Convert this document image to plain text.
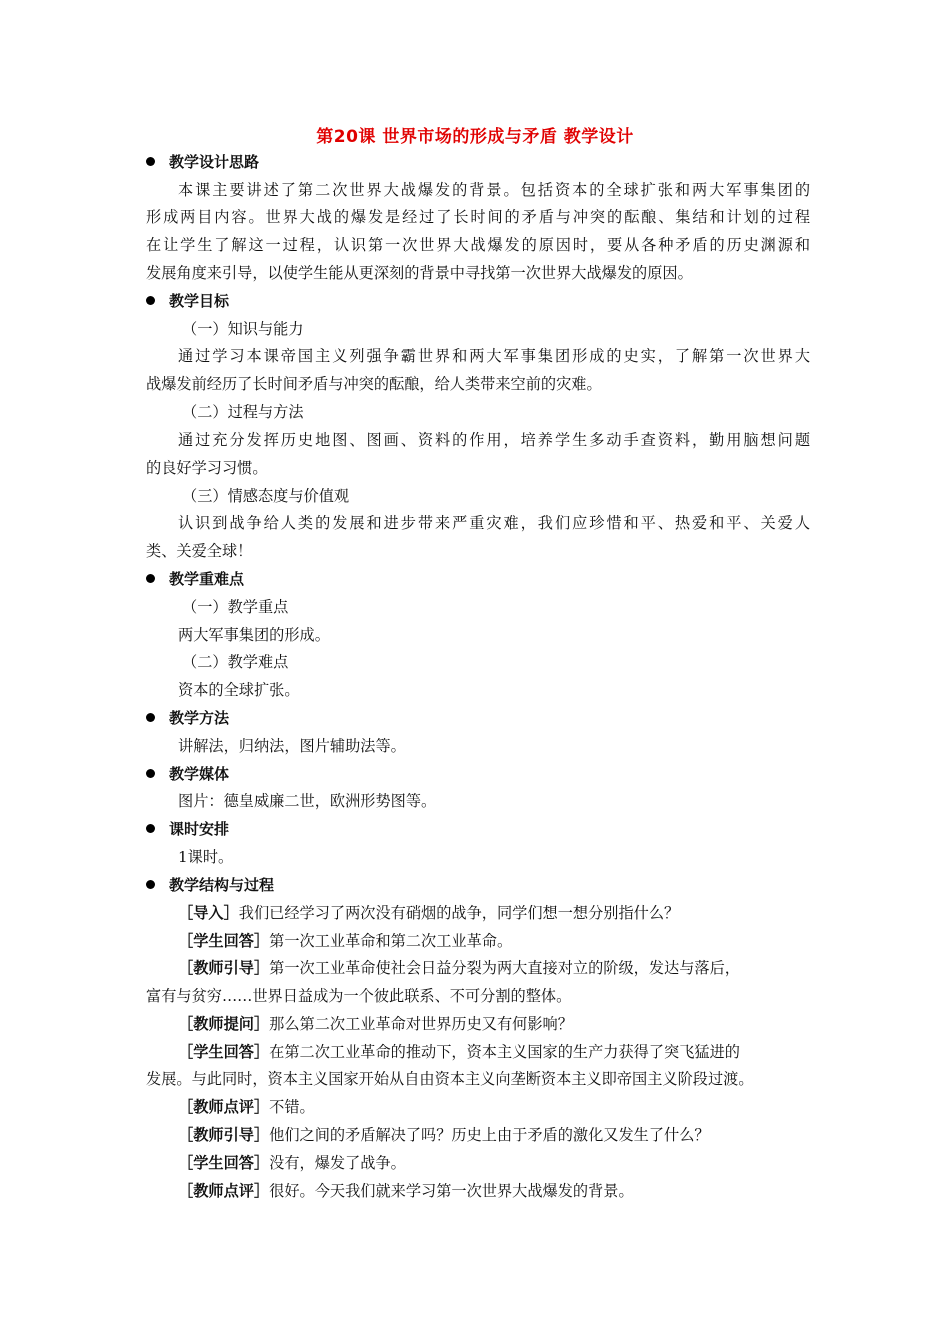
第20课 世界市场的形成与矛盾 教学设计
教学设计思路
本课主要讲述了第二次世界大战爆发的背景。包括资本的全球扩张和两大军事集团的
形成两目内容。世界大战的爆发是经过了长时间的矛盾与冲突的酝酿、集结和计划的过程
在让学生了解这一过程，认识第一次世界大战爆发的原因时，要从各种矛盾的历史渊源和
发展角度来引导，以使学生能从更深刻的背景中寻找第一次世界大战爆发的原因。
教学目标
（一）知识与能力
通过学习本课帝国主义列强争霸世界和两大军事集团形成的史实，了解第一次世界大
战爆发前经历了长时间矛盾与冲突的酝酿，给人类带来空前的灾难。
（二）过程与方法
通过充分发挥历史地图、图画、资料的作用，培养学生多动手查资料，勤用脑想问题
的良好学习习惯。
（三）情感态度与价值观
认识到战争给人类的发展和进步带来严重灾难，我们应珍惜和平、热爱和平、关爱人
类、关爱全球！
教学重难点
（一）教学重点
两大军事集团的形成。
（二）教学难点
资本的全球扩张。
教学方法
讲解法，归纳法，图片辅助法等。
教学媒体
图片：德皇威廉二世，欧洲形势图等。
课时安排
1课时。
教学结构与过程
［导入］我们已经学习了两次没有硝烟的战争，同学们想一想分别指什么？
［学生回答］第一次工业革命和第二次工业革命。
［教师引导］第一次工业革命使社会日益分裂为两大直接对立的阶级，发达与落后，
富有与贫穷……世界日益成为一个彼此联系、不可分割的整体。
［教师提问］那么第二次工业革命对世界历史又有何影响？
［学生回答］在第二次工业革命的推动下，资本主义国家的生产力获得了突飞猛进的
发展。与此同时，资本主义国家开始从自由资本主义向垄断资本主义即帝国主义阶段过渡。
［教师点评］不错。
［教师引导］他们之间的矛盾解决了吗？历史上由于矛盾的激化又发生了什么？
［学生回答］没有，爆发了战争。
［教师点评］很好。今天我们就来学习第一次世界大战爆发的背景。
